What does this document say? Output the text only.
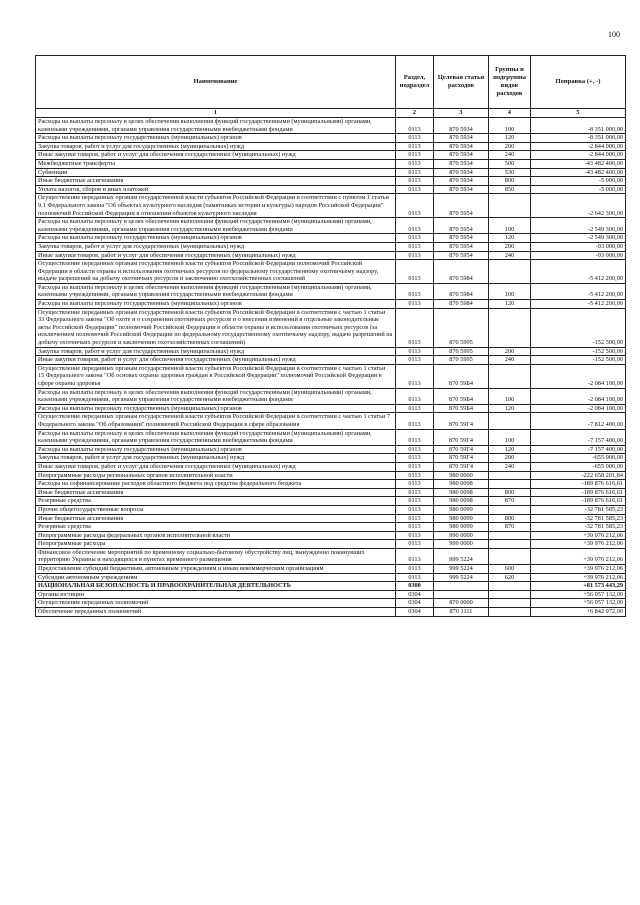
100
Наименование	Раздел, подраздел	Целевая статья расходов	Группы и подгруппы видов расходов	Поправка (+, -)
1	2	3	4	5
Расходы на выплаты персоналу в целях обеспечения выполнения функций государственными (муниципальными) органами, казенными учреждениями, органами управления государственными внебюджетными фондами	0113	870 5934	100	-8 351 000,00
Расходы на выплаты персоналу государственных (муниципальных) органов	0113	870 5934	120	-8 351 000,00
Закупка товаров, работ и услуг для государственных (муниципальных) нужд	0113	870 5934	200	-2 844 000,00
Иные закупки товаров, работ и услуг для обеспечения государственных (муниципальных) нужд	0113	870 5934	240	-2 844 000,00
Межбюджетные трансферты	0113	870 5934	500	-43 482 400,00
Субвенции	0113	870 5934	530	-43 482 400,00
Иные бюджетные ассигнования	0113	870 5934	800	-5 000,00
Уплата налогов, сборов и иных платежей	0113	870 5934	850	-5 000,00
Осуществление переданных органам государственной власти субъектов Российской Федерации в соответствии с пунктом 1 статьи 9.1 Федерального закона "Об объектах культурного наследия (памятниках истории и культуры) народов Российской Федерации" полномочий Российской Федерации в отношении объектов культурного наследия	0113	870 5954		-2 642 300,00
Расходы на выплаты персоналу в целях обеспечения выполнения функций государственными (муниципальными) органами, казенными учреждениями, органами управления государственными внебюджетными фондами	0113	870 5954	100	-2 549 300,00
Расходы на выплаты персоналу государственных (муниципальных) органов	0113	870 5954	120	-2 549 300,00
Закупка товаров, работ и услуг для государственных (муниципальных) нужд	0113	870 5954	200	-93 000,00
Иные закупки товаров, работ и услуг для обеспечения государственных (муниципальных) нужд	0113	870 5954	240	-93 000,00
Осуществление переданных органам государственной власти субъектов Российской Федерации полномочий Российской Федерации в области охраны и использования охотничьих ресурсов по федеральному государственному охотничьему надзору, выдаче разрешений на добычу охотничьих ресурсов и заключению охотхозяйственных соглашений	0113	870 5984		-5 412 200,00
Расходы на выплаты персоналу в целях обеспечения выполнения функций государственными (муниципальными) органами, казенными учреждениями, органами управления государственными внебюджетными фондами	0113	870 5984	100	-5 412 200,00
Расходы на выплаты персоналу государственных (муниципальных) органов	0113	870 5984	120	-5 412 200,00
Осуществление переданных органам государственной власти субъектов Российской Федерации в соответствии с частью 1 статьи 33 Федерального закона "Об охоте и о сохранении охотничьих ресурсов и о внесении изменений в отдельные законодательные акты Российской Федерации" полномочий Российской Федерации в области охраны и использования охотничьих ресурсов (за исключением полномочий Российской Федерации по федеральному государственному охотничьему надзору, выдаче разрешений на добычу охотничьих ресурсов и заключению охотхозяйственных соглашений)	0113	870 5995		-152 500,00
Закупка товаров, работ и услуг для государственных (муниципальных) нужд	0113	870 5995	200	-152 500,00
Иные закупки товаров, работ и услуг для обеспечения государственных (муниципальных) нужд	0113	870 5995	240	-152 500,00
Осуществление переданных органам государственной власти субъектов Российской Федерации в соответствии с частью 1 статьи 15 Федерального закона "Об основах охраны здоровья граждан в Российской Федерации" полномочий Российской Федерации в сфере охраны здоровья	0113	870 59Б4		-2 084 100,00
Расходы на выплаты персоналу в целях обеспечения выполнения функций государственными (муниципальными) органами, казенными учреждениями, органами управления государственными внебюджетными фондами	0113	870 59Б4	100	-2 084 100,00
Расходы на выплаты персоналу государственных (муниципальных) органов	0113	870 59Б4	120	-2 084 100,00
Осуществление переданных органам государственной власти субъектов Российской Федерации в соответствии с частью 1 статьи 7 Федерального закона "Об образовании" полномочий Российской Федерации в сфере образования	0113	870 59Г4		-7 812 400,00
Расходы на выплаты персоналу в целях обеспечения выполнения функций государственными (муниципальными) органами, казенными учреждениями, органами управления государственными внебюджетными фондами	0113	870 59Г4	100	-7 157 400,00
Расходы на выплаты персоналу государственных (муниципальных) органов	0113	870 59Г4	120	-7 157 400,00
Закупка товаров, работ и услуг для государственных (муниципальных) нужд	0113	870 59Г4	200	-655 000,00
Иные закупки товаров, работ и услуг для обеспечения государственных (муниципальных) нужд	0113	870 59Г4	240	-655 000,00
Непрограммные расходы региональных органов исполнительной власти	0113	980 0000		-222 658 201,84
Расходы на софинансирование расходов областного бюджета под средства федерального бюджета	0113	980 0098		-189 876 616,61
Иные бюджетные ассигнования	0113	980 0098	800	-189 876 616,61
Резервные средства	0113	980 0098	870	-189 876 616,61
Прочие общегосударственные вопросы	0113	980 0099		-32 781 585,23
Иные бюджетные ассигнования	0113	980 0099	800	-32 781 585,23
Резервные средства	0113	980 0099	870	-32 781 585,23
Непрограммные расходы федеральных органов исполнительной власти	0113	990 0000		+39 976 212,06
Непрограммные расходы	0113	999 0000		+39 976 212,06
Финансовое обеспечение мероприятий по временному социально-бытовому обустройству лиц, вынужденно покинувших территорию Украины и находящихся в пунктах временного размещения	0113	999 5224		+39 976 212,06
Предоставление субсидий бюджетным, автономным учреждениям и иным некоммерческим организациям	0113	999 5224	600	+39 976 212,06
Субсидии автономным учреждениям	0113	999 5224	620	+39 976 212,06
НАЦИОНАЛЬНАЯ БЕЗОПАСНОСТЬ И ПРАВООХРАНИТЕЛЬНАЯ ДЕЯТЕЛЬНОСТЬ	0300			+81 573 443,29
Органы юстиции	0304			+56 057 132,00
Осуществление переданных полномочий	0304	870 0000		+56 057 132,00
Обеспечение переданных полномочий	0304	870 1111		+6 842 972,00
